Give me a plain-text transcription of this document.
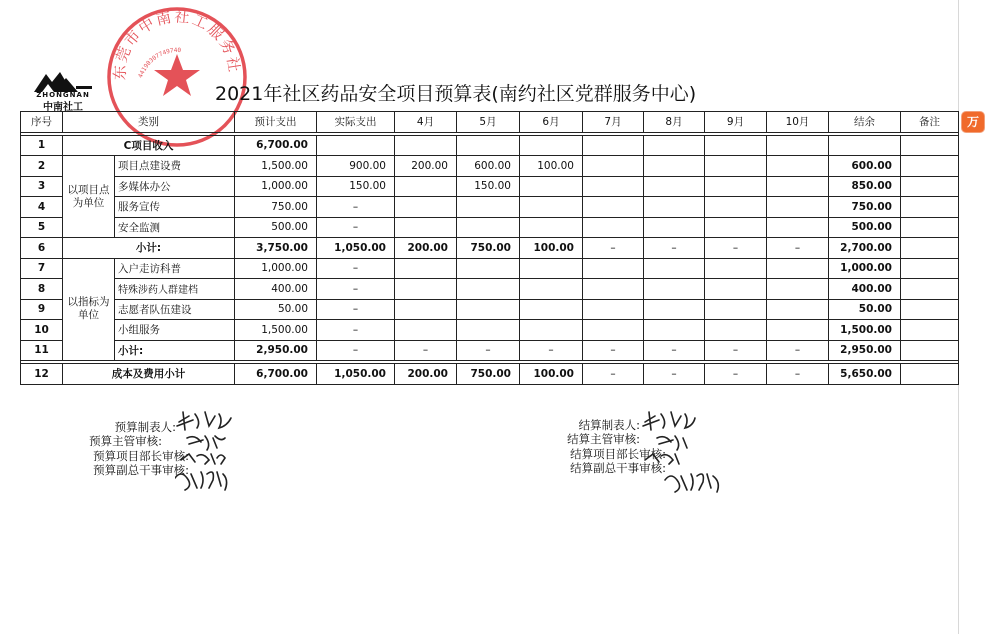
ZHONGNAN
中南社工
东莞市中南社工服务社
44190307749740
2021年社区药品安全项目预算表(南约社区党群服务中心)
序号	类别		预计支出	实际支出	4月	5月	6月	7月	8月	9月	10月	结余	备注

1	C项目收入		6,700.00										
2	以项目点为单位	项目点建设费	1,500.00	900.00	200.00	600.00	100.00					600.00	
3		多媒体办公	1,000.00	150.00		150.00						850.00	
4		服务宣传	750.00	–								750.00	
5		安全监测	500.00	–								500.00	
6	小计:		3,750.00	1,050.00	200.00	750.00	100.00	–	–	–	–	2,700.00	
7	以指标为单位	入户走访科普	1,000.00	–								1,000.00	
8		特殊涉药人群建档	400.00	–								400.00	
9		志愿者队伍建设	50.00	–								50.00	
10		小组服务	1,500.00	–								1,500.00	
11		小计:	2,950.00	–	–	–	–	–	–	–	–	2,950.00	

12	成本及费用小计		6,700.00	1,050.00	200.00	750.00	100.00	–	–	–	–	5,650.00	
预算制表人:
预算主管审核:
预算项目部长审核:
预算副总干事审核:
结算制表人:
结算主管审核:
结算项目部长审核:
结算副总干事审核:
万
